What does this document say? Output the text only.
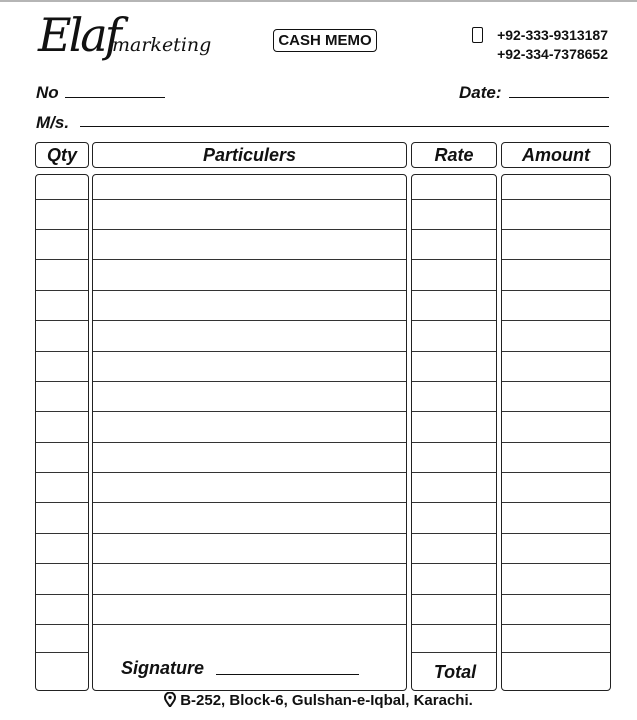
Elaf
marketing	CASH MEMO	+92-333-9313187
+92-334-7378652
No	Date:
M/s.
Qty	Particulers	Rate	Amount
Signature	Total
B-252, Block-6, Gulshan-e-Iqbal, Karachi.
